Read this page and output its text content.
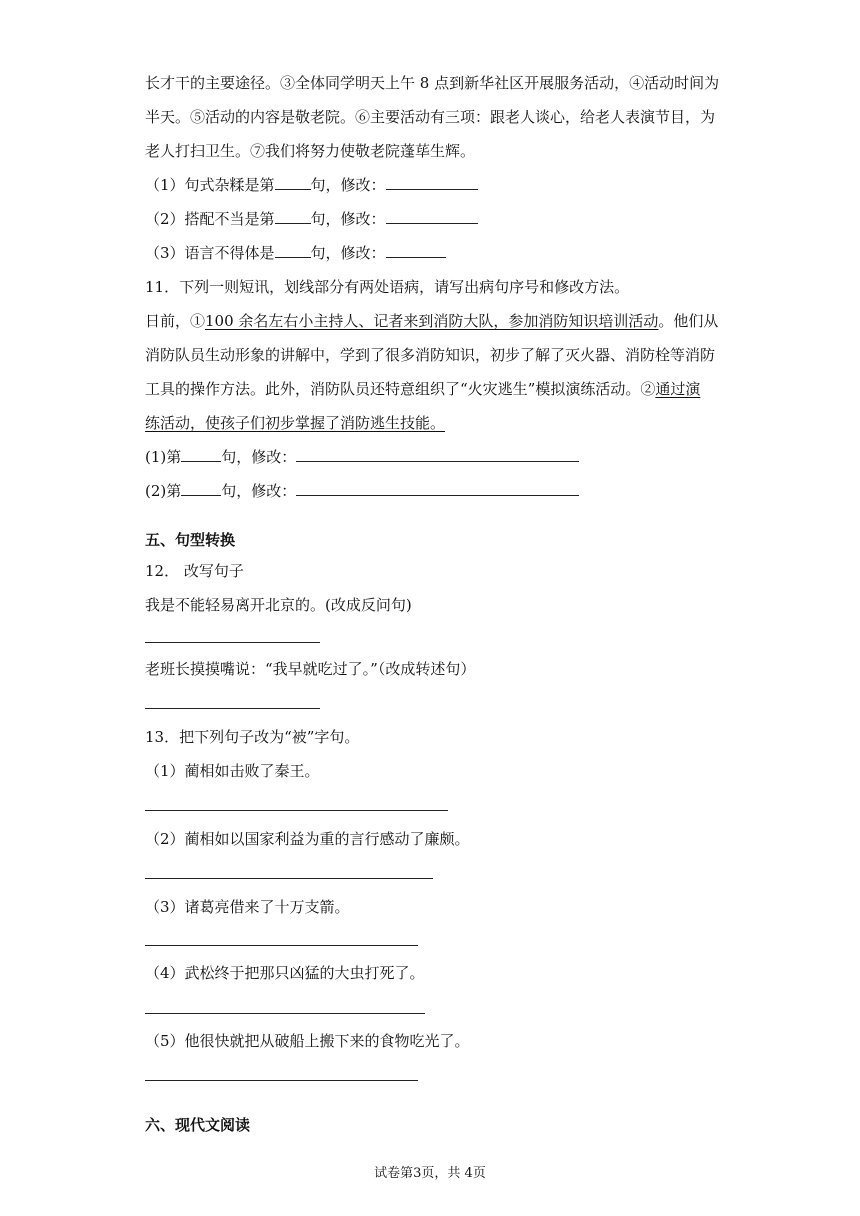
长才干的主要途径。③全体同学明天上午 8 点到新华社区开展服务活动，④活动时间为
半天。⑤活动的内容是敬老院。⑥主要活动有三项：跟老人谈心，给老人表演节目，为
老人打扫卫生。⑦我们将努力使敬老院蓬荜生辉。
（1）句式杂糅是第 句，修改：
（2）搭配不当是第 句，修改：
（3）语言不得体是 句，修改：
11．下列一则短讯，划线部分有两处语病，请写出病句序号和修改方法。
日前，①100 余名左右小主持人、记者来到消防大队，参加消防知识培训活动。他们从
消防队员生动形象的讲解中，学到了很多消防知识，初步了解了灭火器、消防栓等消防
工具的操作方法。此外，消防队员还特意组织了“火灾逃生”模拟演练活动。②通过演
练活动，使孩子们初步掌握了消防逃生技能。
(1)第	句，修改：
(2)第	句，修改：
五、句型转换
12． 改写句子
我是不能轻易离开北京的。(改成反问句)
老班长摸摸嘴说：“我早就吃过了。”（改成转述句）
13．把下列句子改为“被”字句。
（1）蔺相如击败了秦王。
（2）蔺相如以国家利益为重的言行感动了廉颇。
（3）诸葛亮借来了十万支箭。
（4）武松终于把那只凶猛的大虫打死了。
（5）他很快就把从破船上搬下来的食物吃光了。
六、现代文阅读
试卷第3页，共 4页
